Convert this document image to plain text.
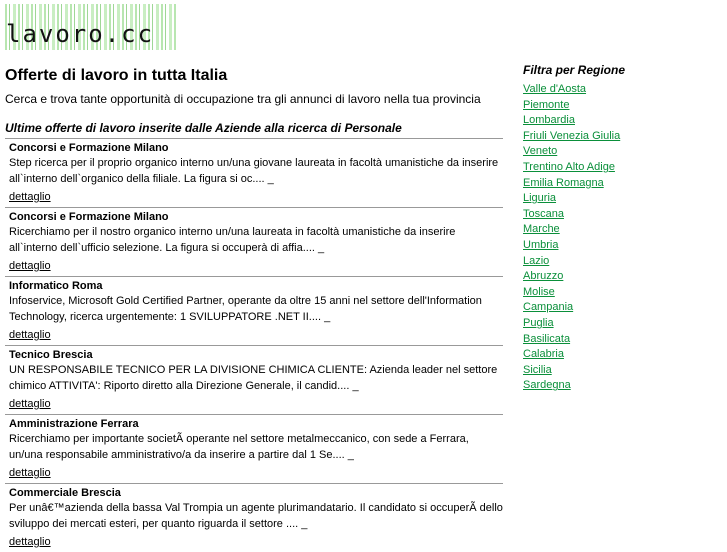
lavoro.cc
Offerte di lavoro in tutta Italia
Cerca e trova tante opportunità di occupazione tra gli annunci di lavoro nella tua provincia
Ultime offerte di lavoro inserite dalle Aziende alla ricerca di Personale
Concorsi e Formazione Milano
Step ricerca per il proprio organico interno un/una giovane laureata in facoltà umanistiche da inserire all`interno dell`organico della filiale. La figura si oc.... _
dettaglio
Concorsi e Formazione Milano
Ricerchiamo per il nostro organico interno un/una laureata in facoltà umanistiche da inserire all`interno dell`ufficio selezione. La figura si occuperà di affia.... _
dettaglio
Informatico Roma
Infoservice, Microsoft Gold Certified Partner, operante da oltre 15 anni nel settore dell'Information Technology, ricerca urgentemente: 1 SVILUPPATORE .NET II.... _
dettaglio
Tecnico Brescia
UN RESPONSABILE TECNICO PER LA DIVISIONE CHIMICA CLIENTE: Azienda leader nel settore chimico ATTIVITA': Riporto diretto alla Direzione Generale, il candid.... _
dettaglio
Amministrazione Ferrara
Ricerchiamo per importante societÃ operante nel settore metalmeccanico, con sede a Ferrara, un/una responsabile amministrativo/a da inserire a partire dal 1 Se.... _
dettaglio
Commerciale Brescia
Per unâ€™azienda della bassa Val Trompia un agente plurimandatario. Il candidato si occuperÃ dello sviluppo dei mercati esteri, per quanto riguarda il settore .... _
dettaglio
Filtra per Regione
Valle d'Aosta
Piemonte
Lombardia
Friuli Venezia Giulia
Veneto
Trentino Alto Adige
Emilia Romagna
Liguria
Toscana
Marche
Umbria
Lazio
Abruzzo
Molise
Campania
Puglia
Basilicata
Calabria
Sicilia
Sardegna
